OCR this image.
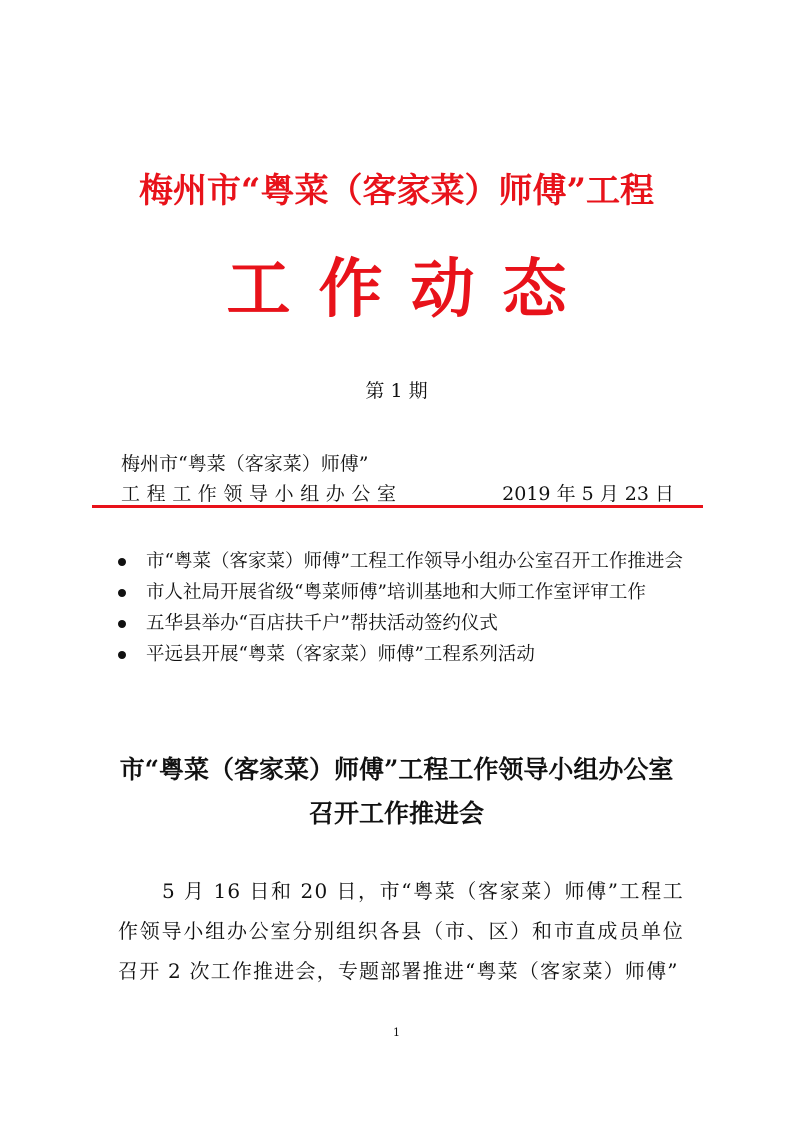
梅州市“粤菜（客家菜）师傅”工程
工作动态
第 1 期
梅州市“粤菜（客家菜）师傅”
工程工作领导小组办公室	2019 年 5 月 23 日
市“粤菜（客家菜）师傅”工程工作领导小组办公室召开工作推进会
市人社局开展省级“粤菜师傅”培训基地和大师工作室评审工作
五华县举办“百店扶千户”帮扶活动签约仪式
平远县开展“粤菜（客家菜）师傅”工程系列活动
市“粤菜（客家菜）师傅”工程工作领导小组办公室
召开工作推进会

5 月 16 日和 20 日，市“粤菜（客家菜）师傅”工程工作领导小组办公室分别组织各县（市、区）和市直成员单位召开 2 次工作推进会，专题部署推进“粤菜（客家菜）师傅”

1
